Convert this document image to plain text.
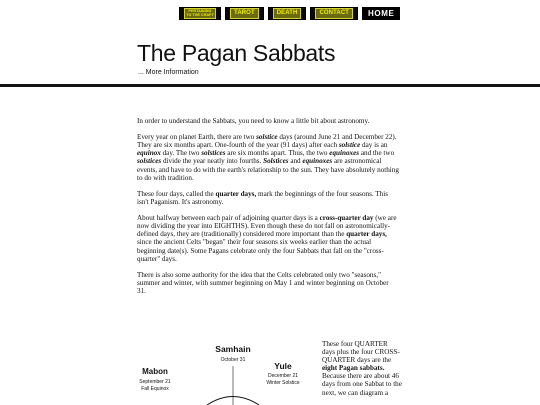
PERTAINING TO THE CRAFT	TAROT	DEATH	CONTACT	HOME
The Pagan Sabbats
... More Information

In order to understand the Sabbats, you need to know a little bit about astronomy.

Every year on planet Earth, there are two solstice days (around June 21 and December 22). They are six months apart. One-fourth of the year (91 days) after each solstice day is an equinox day. The two solstices are six months apart. Thus, the two equinoxes and the two solstices divide the year neatly into fourths. Solstices and equinoxes are astronomical events, and have to do with the earth's relationship to the sun. They have absolutely nothing to do with tradition.

These four days, called the quarter days, mark the beginnings of the four seasons. This isn't Paganism. It's astronomy.

About halfway between each pair of adjoining quarter days is a cross-quarter day (we are now dividing the year into EIGHTHS). Even though these do not fall on astronomically-defined days, they are (traditionally) considered more important than the quarter days, since the ancient Celts "began" their four seasons six weeks earlier than the actual beginning date(s). Some Pagans celebrate only the four Sabbats that fall on the "cross-quarter" days.

There is also some authority for the idea that the Celts celebrated only two "seasons," summer and winter, with summer beginning on May 1 and winter beginning on October 31.

Samhain
October 31
Yule
December 21
Winter Solstice
Mabon
September 21
Fall Equinox
These four QUARTER days plus the four CROSS-QUARTER days are the eight Pagan sabbats. Because there are about 46 days from one Sabbat to the next, we can diagram a
